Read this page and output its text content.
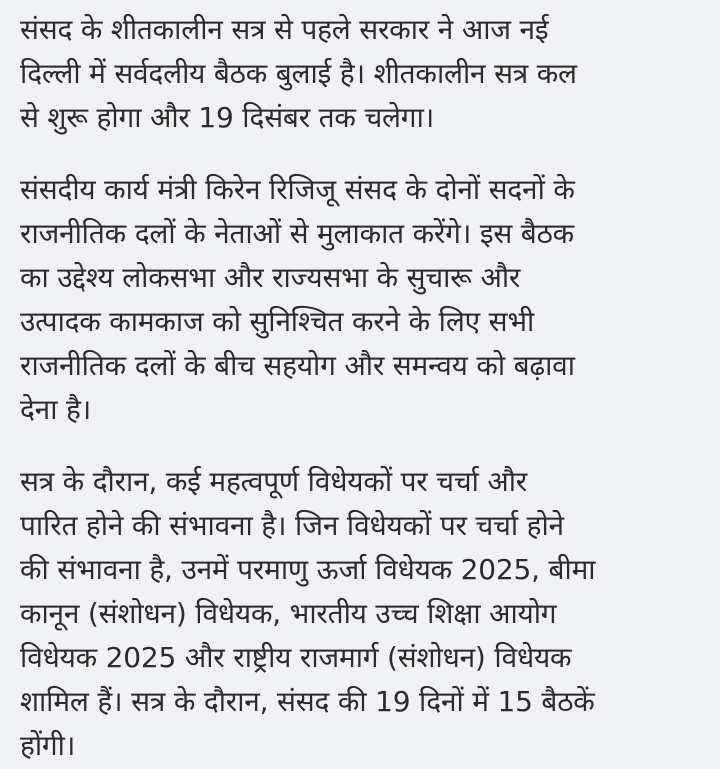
संसद के शीतकालीन सत्र से पहले सरकार ने आज नई
दिल्ली में सर्वदलीय बैठक बुलाई है। शीतकालीन सत्र कल
से शुरू होगा और 19 दिसंबर तक चलेगा।

संसदीय कार्य मंत्री किरेन रिजिजू संसद के दोनों सदनों के
राजनीतिक दलों के नेताओं से मुलाकात करेंगे। इस बैठक
का उद्देश्य लोकसभा और राज्यसभा के सुचारू और
उत्पादक कामकाज को सुनिश्चित करने के लिए सभी
राजनीतिक दलों के बीच सहयोग और समन्वय को बढ़ावा
देना है।

सत्र के दौरान, कई महत्वपूर्ण विधेयकों पर चर्चा और
पारित होने की संभावना है। जिन विधेयकों पर चर्चा होने
की संभावना है, उनमें परमाणु ऊर्जा विधेयक 2025, बीमा
कानून (संशोधन) विधेयक, भारतीय उच्च शिक्षा आयोग
विधेयक 2025 और राष्ट्रीय राजमार्ग (संशोधन) विधेयक
शामिल हैं। सत्र के दौरान, संसद की 19 दिनों में 15 बैठकें
होंगी।
